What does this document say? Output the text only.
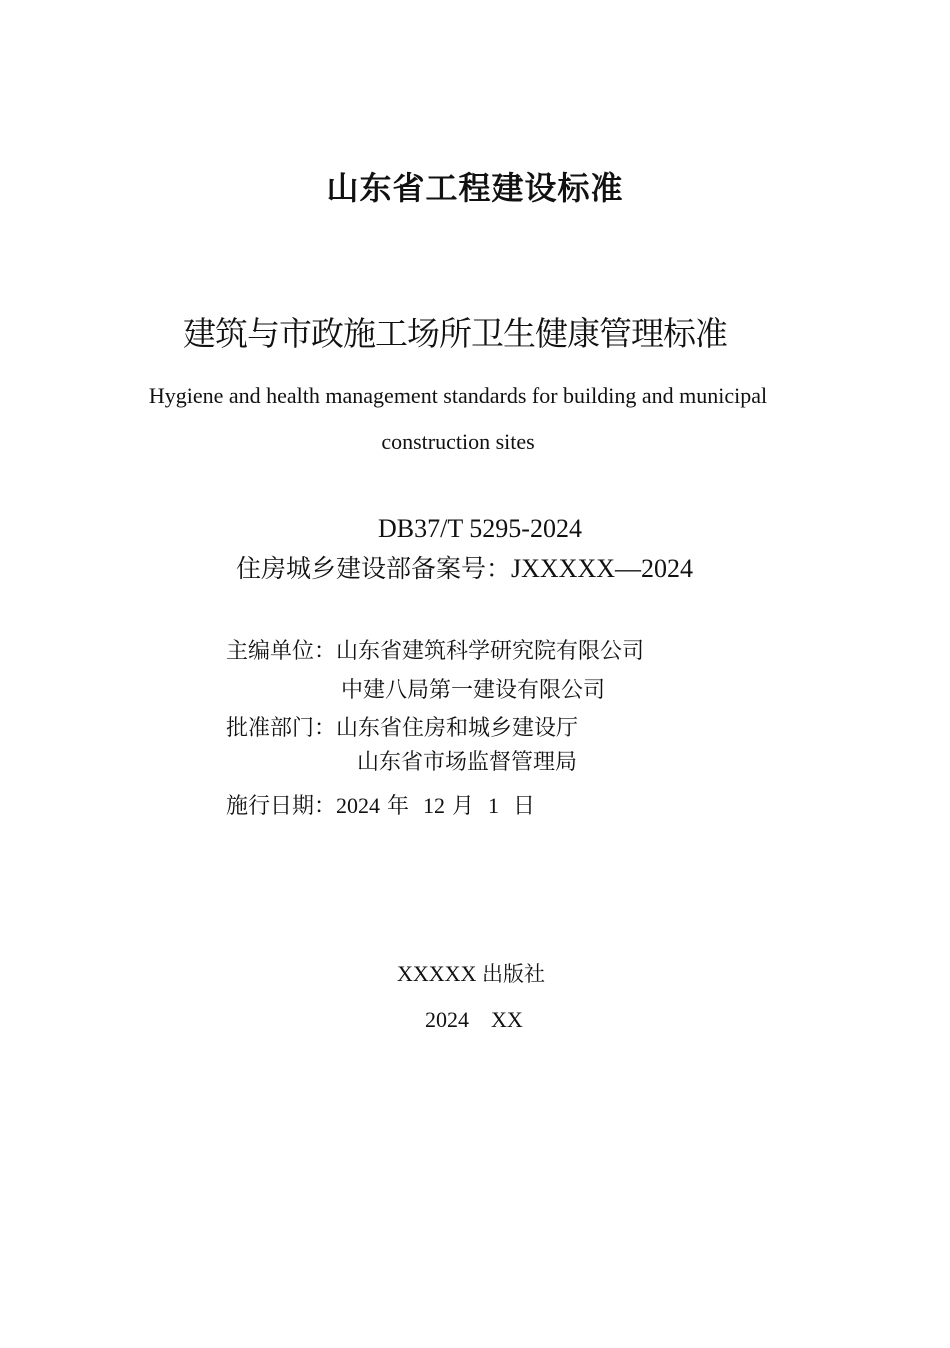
山东省工程建设标准
建筑与市政施工场所卫生健康管理标准
Hygiene and health management standards for building and municipal
construction sites
DB37/T 5295-2024
住房城乡建设部备案号：JXXXXX—2024
主编单位：山东省建筑科学研究院有限公司
中建八局第一建设有限公司
批准部门：山东省住房和城乡建设厅
山东省市场监督管理局
施行日期：2024 年 12 月 1 日
XXXXX 出版社
2024 XX
